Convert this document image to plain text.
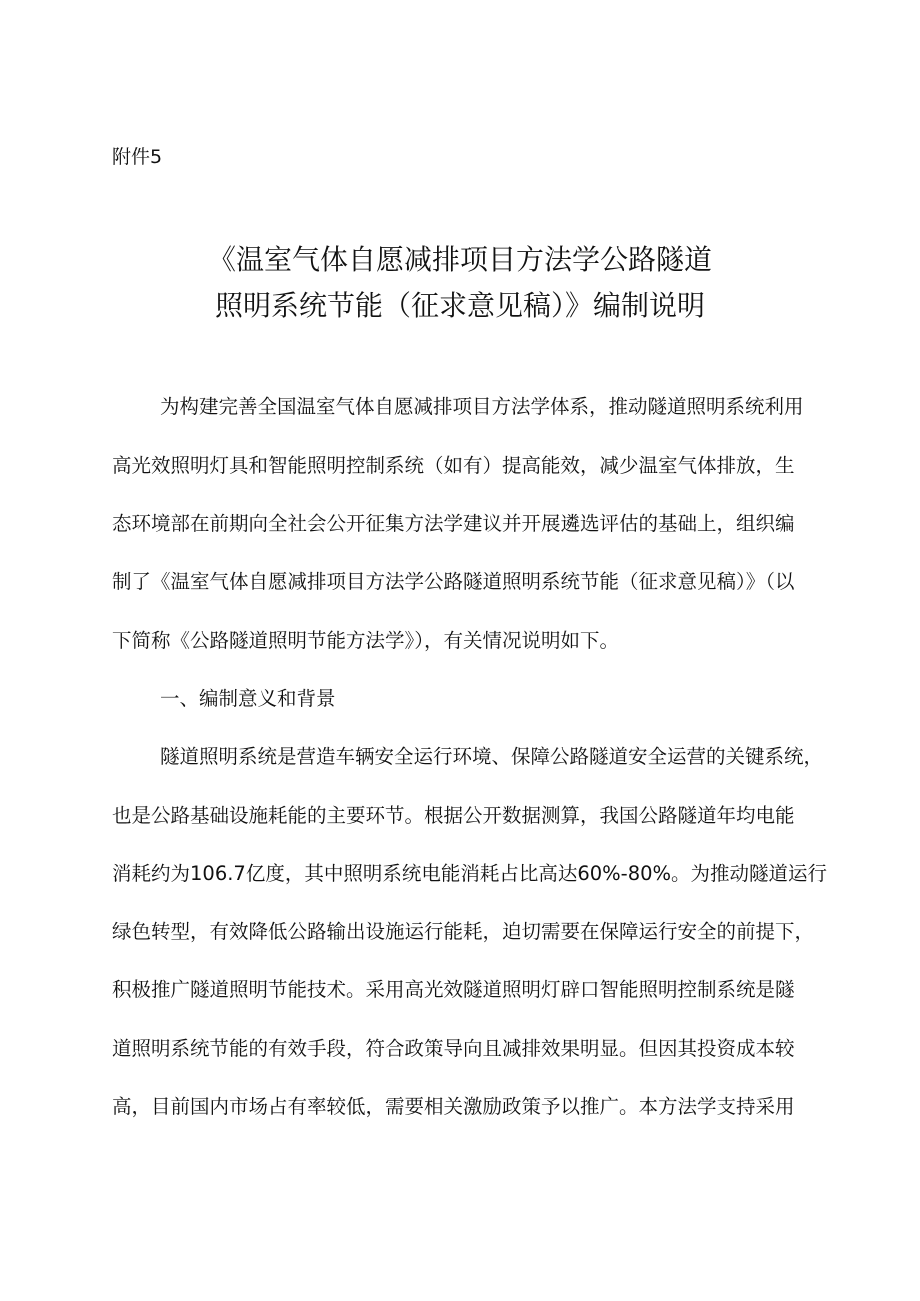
附件5
《温室气体自愿减排项目方法学公路隧道
照明系统节能（征求意见稿）》编制说明
为构建完善全国温室气体自愿减排项目方法学体系，推动隧道照明系统利用
高光效照明灯具和智能照明控制系统（如有）提高能效，减少温室气体排放，生
态环境部在前期向全社会公开征集方法学建议并开展遴选评估的基础上，组织编
制了《温室气体自愿减排项目方法学公路隧道照明系统节能（征求意见稿）》（以
下简称《公路隧道照明节能方法学》），有关情况说明如下。
一、编制意义和背景
隧道照明系统是营造车辆安全运行环境、保障公路隧道安全运营的关键系统，
也是公路基础设施耗能的主要环节。根据公开数据测算，我国公路隧道年均电能
消耗约为106.7亿度，其中照明系统电能消耗占比高达60%-80%。为推动隧道运行
绿色转型，有效降低公路输出设施运行能耗，迫切需要在保障运行安全的前提下，
积极推广隧道照明节能技术。采用高光效隧道照明灯辟口智能照明控制系统是隧
道照明系统节能的有效手段，符合政策导向且减排效果明显。但因其投资成本较
高，目前国内市场占有率较低，需要相关激励政策予以推广。本方法学支持采用
